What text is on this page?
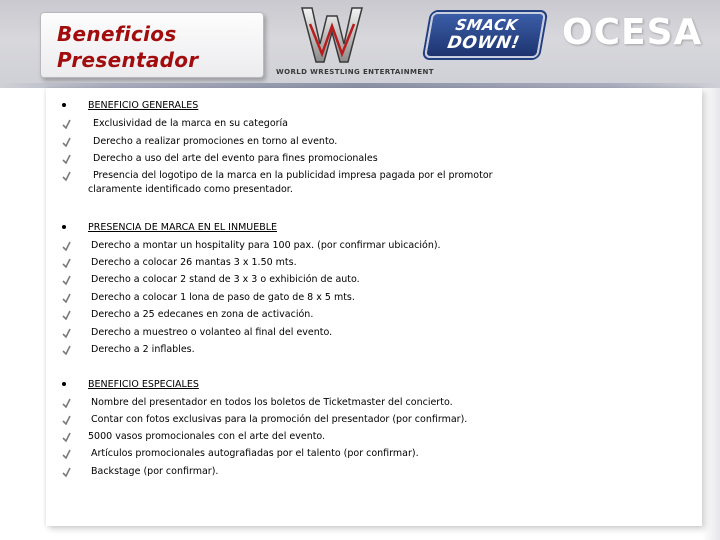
Beneficios
Presentador	WORLD WRESTLING ENTERTAINMENT
SMACK
DOWN!	OCESA
BENEFICIO GENERALES
Exclusividad de la marca en su categoría
Derecho a realizar promociones en torno al evento.
Derecho a uso del arte del evento para fines promocionales
Presencia del logotipo de la marca en la publicidad impresa pagada por el promotor
claramente identificado como presentador.
PRESENCIA DE MARCA EN EL INMUEBLE
Derecho a montar un hospitality para 100 pax. (por confirmar ubicación).
Derecho a colocar 26 mantas 3 x 1.50 mts.
Derecho a colocar 2 stand de 3 x 3 o exhibición de auto.
Derecho a colocar 1 lona de paso de gato de 8 x 5 mts.
Derecho a 25 edecanes en zona de activación.
Derecho a muestreo o volanteo al final del evento.
Derecho a 2 inflables.
BENEFICIO ESPECIALES
Nombre del presentador en todos los boletos de Ticketmaster del concierto.
Contar con fotos exclusivas para la promoción del presentador (por confirmar).
5000 vasos promocionales con el arte del evento.
Artículos promocionales autografiadas por el talento (por confirmar).
Backstage (por confirmar).
